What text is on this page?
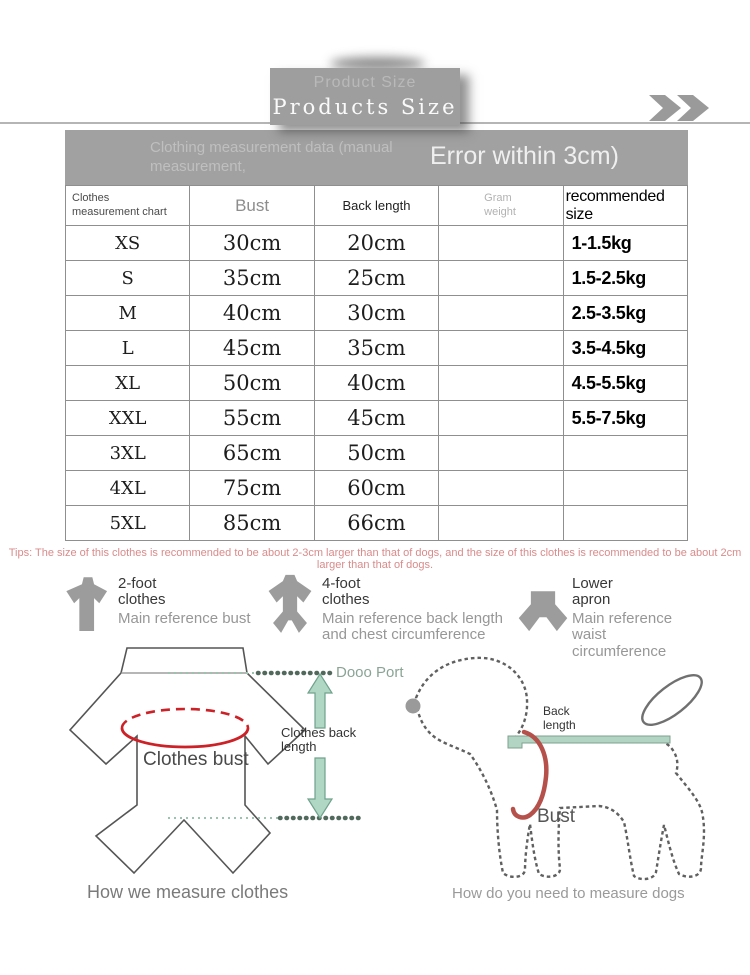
Product Size
Products Size
Clothing measurement data (manual measurement,	Error within 3cm)
Clothes measurement chart	Bust	Back length	Gram weight	recommended size
XS	30cm	20cm		1-1.5kg
S	35cm	25cm		1.5-2.5kg
M	40cm	30cm		2.5-3.5kg
L	45cm	35cm		3.5-4.5kg
XL	50cm	40cm		4.5-5.5kg
XXL	55cm	45cm		5.5-7.5kg
3XL	65cm	50cm		
4XL	75cm	60cm		
5XL	85cm	66cm		
Tips: The size of this clothes is recommended to be about 2-3cm larger than that of dogs, and the size of this clothes is recommended to be about 2cm larger than that of dogs.
2-foot clothes
Main reference bust
4-foot clothes
Main reference back length and chest circumference
Lower apron
Main reference waist circumference
Dooo Port
Clothes back length
Clothes bust
Back length
Bust
How we measure clothes	How do you need to measure dogs
